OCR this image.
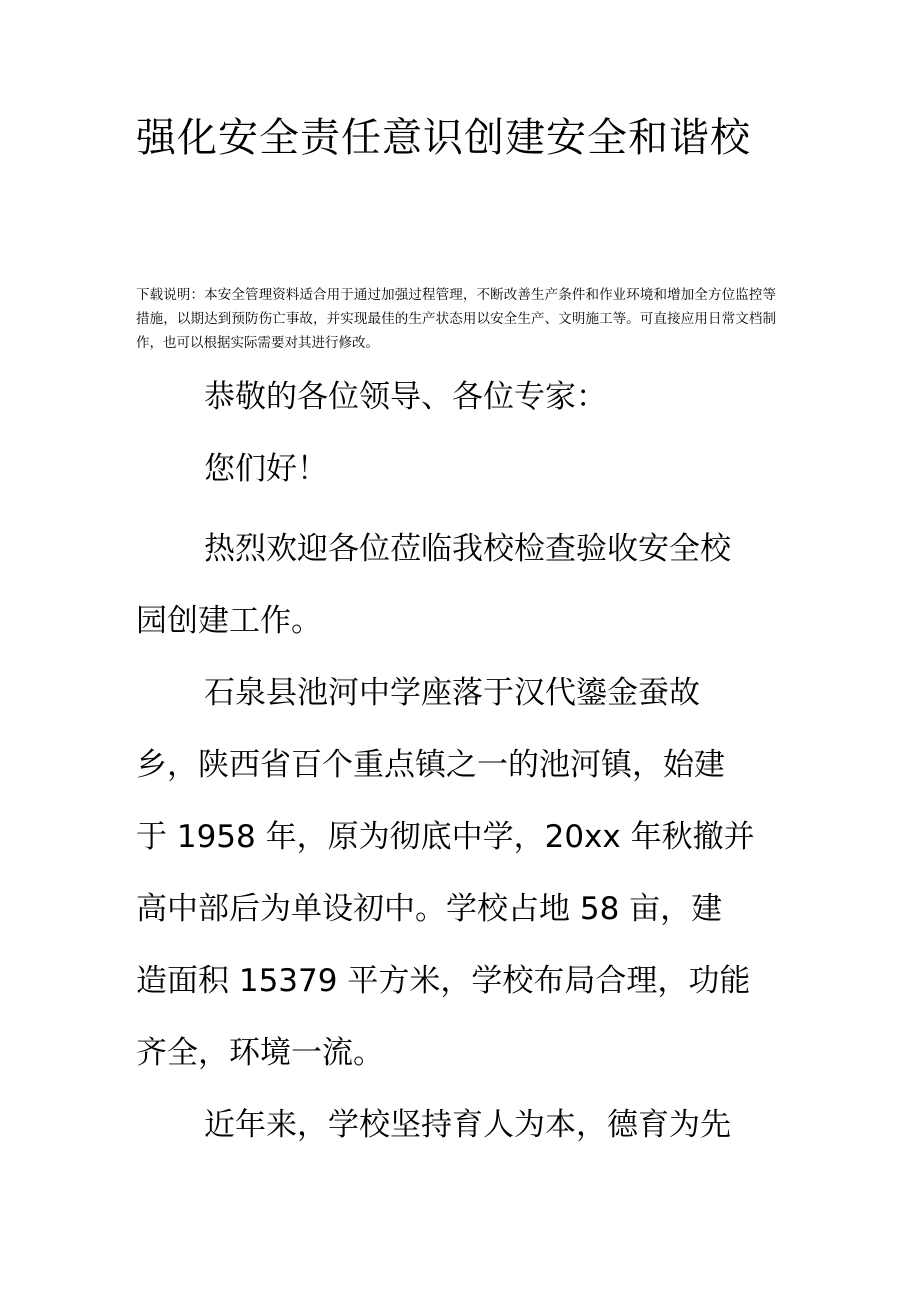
强化安全责任意识创建安全和谐校

下载说明：本安全管理资料适合用于通过加强过程管理，不断改善生产条件和作业环境和增加全方位监控等措施，以期达到预防伤亡事故，并实现最佳的生产状态用以安全生产、文明施工等。可直接应用日常文档制作，也可以根据实际需要对其进行修改。

恭敬的各位领导、各位专家：

您们好！

热烈欢迎各位莅临我校检查验收安全校

园创建工作。

石泉县池河中学座落于汉代鎏金蚕故

乡，陕西省百个重点镇之一的池河镇，始建

于 1958 年，原为彻底中学，20xx 年秋撤并

高中部后为单设初中。学校占地 58 亩，建

造面积 15379 平方米，学校布局合理，功能

齐全，环境一流。

近年来，学校坚持育人为本，德育为先
